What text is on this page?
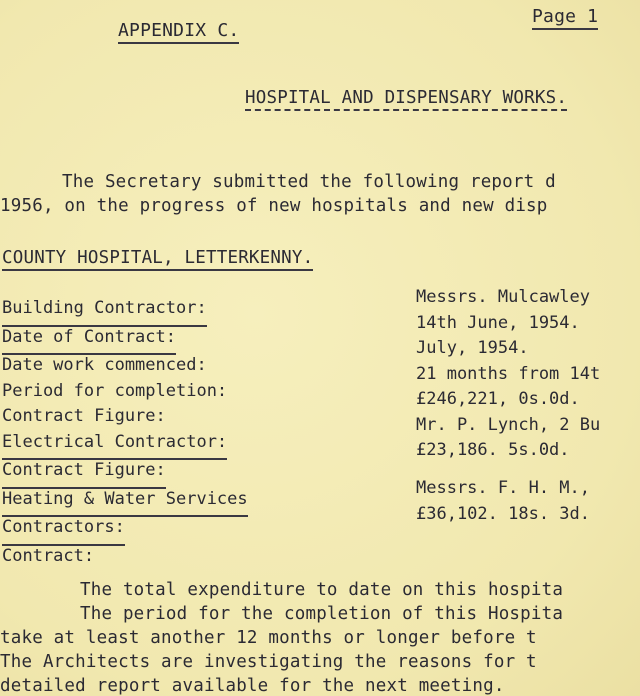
APPENDIX C.
Page 1
HOSPITAL AND DISPENSARY WORKS.
The Secretary submitted the following report d
1956, on the progress of new hospitals and new disp
COUNTY HOSPITAL, LETTERKENNY.
Building Contractor:
Date of Contract:
Date work commenced:
Period for completion:
Contract Figure:
Electrical Contractor:
Contract Figure:
Heating & Water Services
Contractors:
Contract:
Messrs. Mulcawley
14th June, 1954.
July, 1954.
21 months from 14t
£246,221, 0s.0d.
Mr. P. Lynch, 2 Bu
£23,186. 5s.0d.
Messrs. F. H. M.,
£36,102. 18s. 3d.
The total expenditure to date on this hospita
The period for the completion of this Hospita
take at least another 12 months or longer before t
The Architects are investigating the reasons for t
detailed report available for the next meeting.
